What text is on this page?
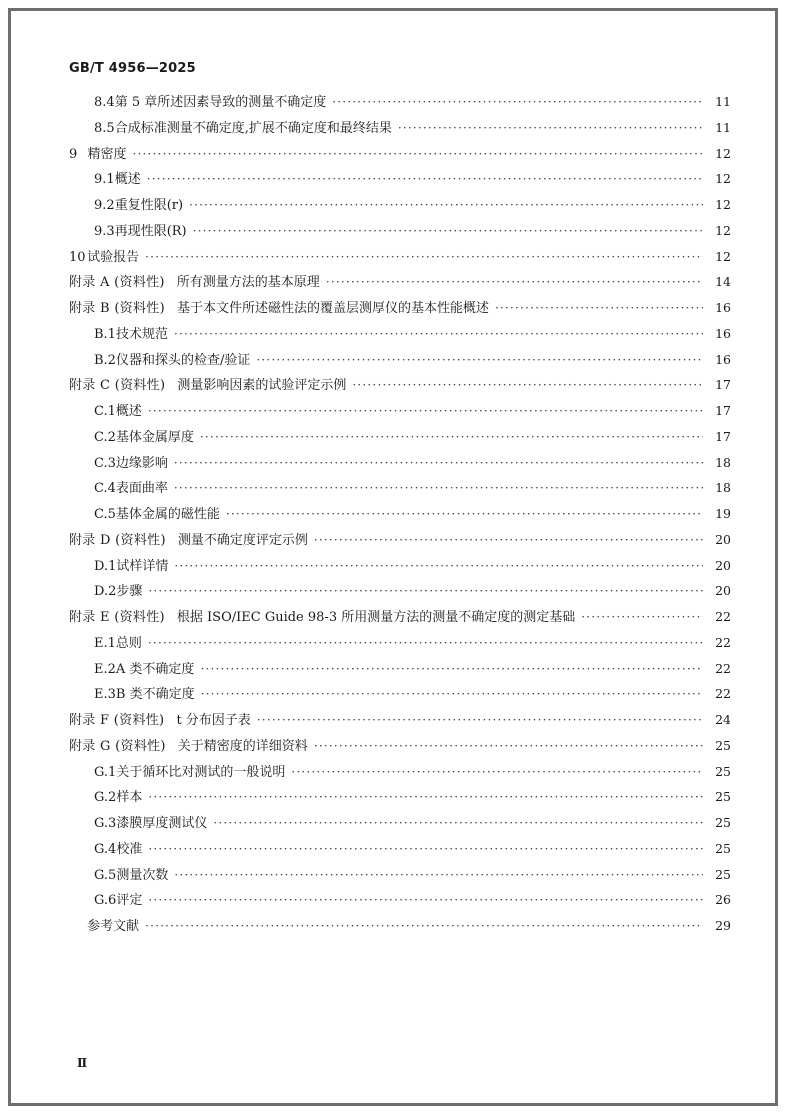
GB/T 4956—2025
8.4 第 5 章所述因素导致的测量不确定度 ·····	11
8.5 合成标准测量不确定度,扩展不确定度和最终结果 ·····	11
9 精密度 ·····	12
9.1 概述 ·····	12
9.2 重复性限(r) ·····	12
9.3 再现性限(R) ·····	12
10 试验报告 ·····	12
附录 A (资料性) 所有测量方法的基本原理 ·····	14
附录 B (资料性) 基于本文件所述磁性法的覆盖层测厚仪的基本性能概述 ·····	16
B.1 技术规范 ·····	16
B.2 仪器和探头的检查/验证 ·····	16
附录 C (资料性) 测量影响因素的试验评定示例 ·····	17
C.1 概述 ·····	17
C.2 基体金属厚度 ·····	17
C.3 边缘影响 ·····	18
C.4 表面曲率 ·····	18
C.5 基体金属的磁性能 ·····	19
附录 D (资料性) 测量不确定度评定示例 ·····	20
D.1 试样详情 ·····	20
D.2 步骤 ·····	20
附录 E (资料性) 根据 ISO/IEC Guide 98-3 所用测量方法的测量不确定度的测定基础 ·····	22
E.1 总则 ·····	22
E.2 A 类不确定度 ·····	22
E.3 B 类不确定度 ·····	22
附录 F (资料性) t 分布因子表 ·····	24
附录 G (资料性) 关于精密度的详细资料 ·····	25
G.1 关于循环比对测试的一般说明 ·····	25
G.2 样本 ·····	25
G.3 漆膜厚度测试仪 ·····	25
G.4 校准 ·····	25
G.5 测量次数 ·····	25
G.6 评定 ·····	26
参考文献 ·····	29
Ⅱ
